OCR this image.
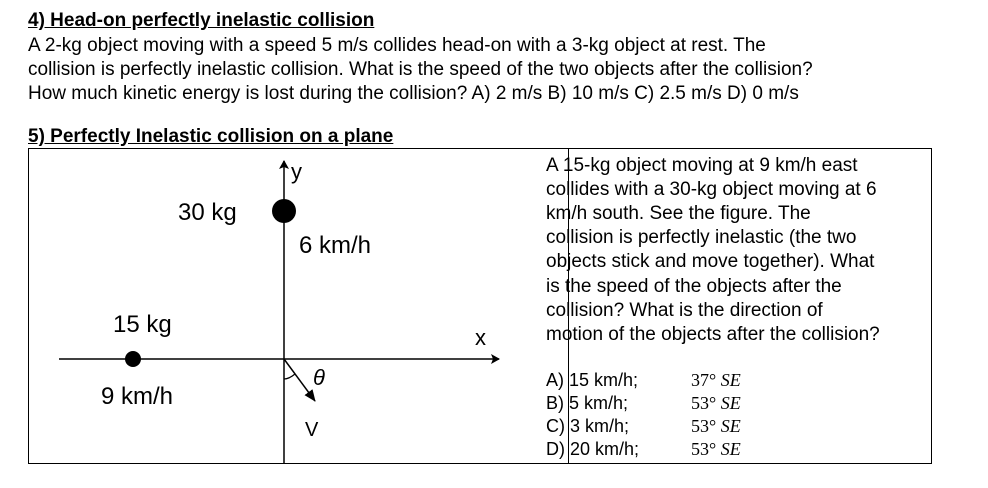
4) Head-on perfectly inelastic collision
A 2-kg object moving with a speed 5 m/s collides head-on with a 3-kg object at rest. The
collision is perfectly inelastic collision. What is the speed of the two objects after the collision?
How much kinetic energy is lost during the collision? A) 2 m/s B) 10 m/s C) 2.5 m/s D) 0 m/s
5) Perfectly Inelastic collision on a plane
y
x
30 kg
6 km/h
15 kg
9 km/h
θ
V
A 15-kg object moving at 9 km/h east
collides with a 30-kg object moving at 6
km/h south. See the figure. The
collision is perfectly inelastic (the two
objects stick and move together). What
is the speed of the objects after the
collision? What is the direction of
motion of the objects after the collision?
A) 15 km/h;	37° SE
B) 5 km/h;	53° SE
C) 3 km/h;	53° SE
D) 20 km/h;	53° SE
